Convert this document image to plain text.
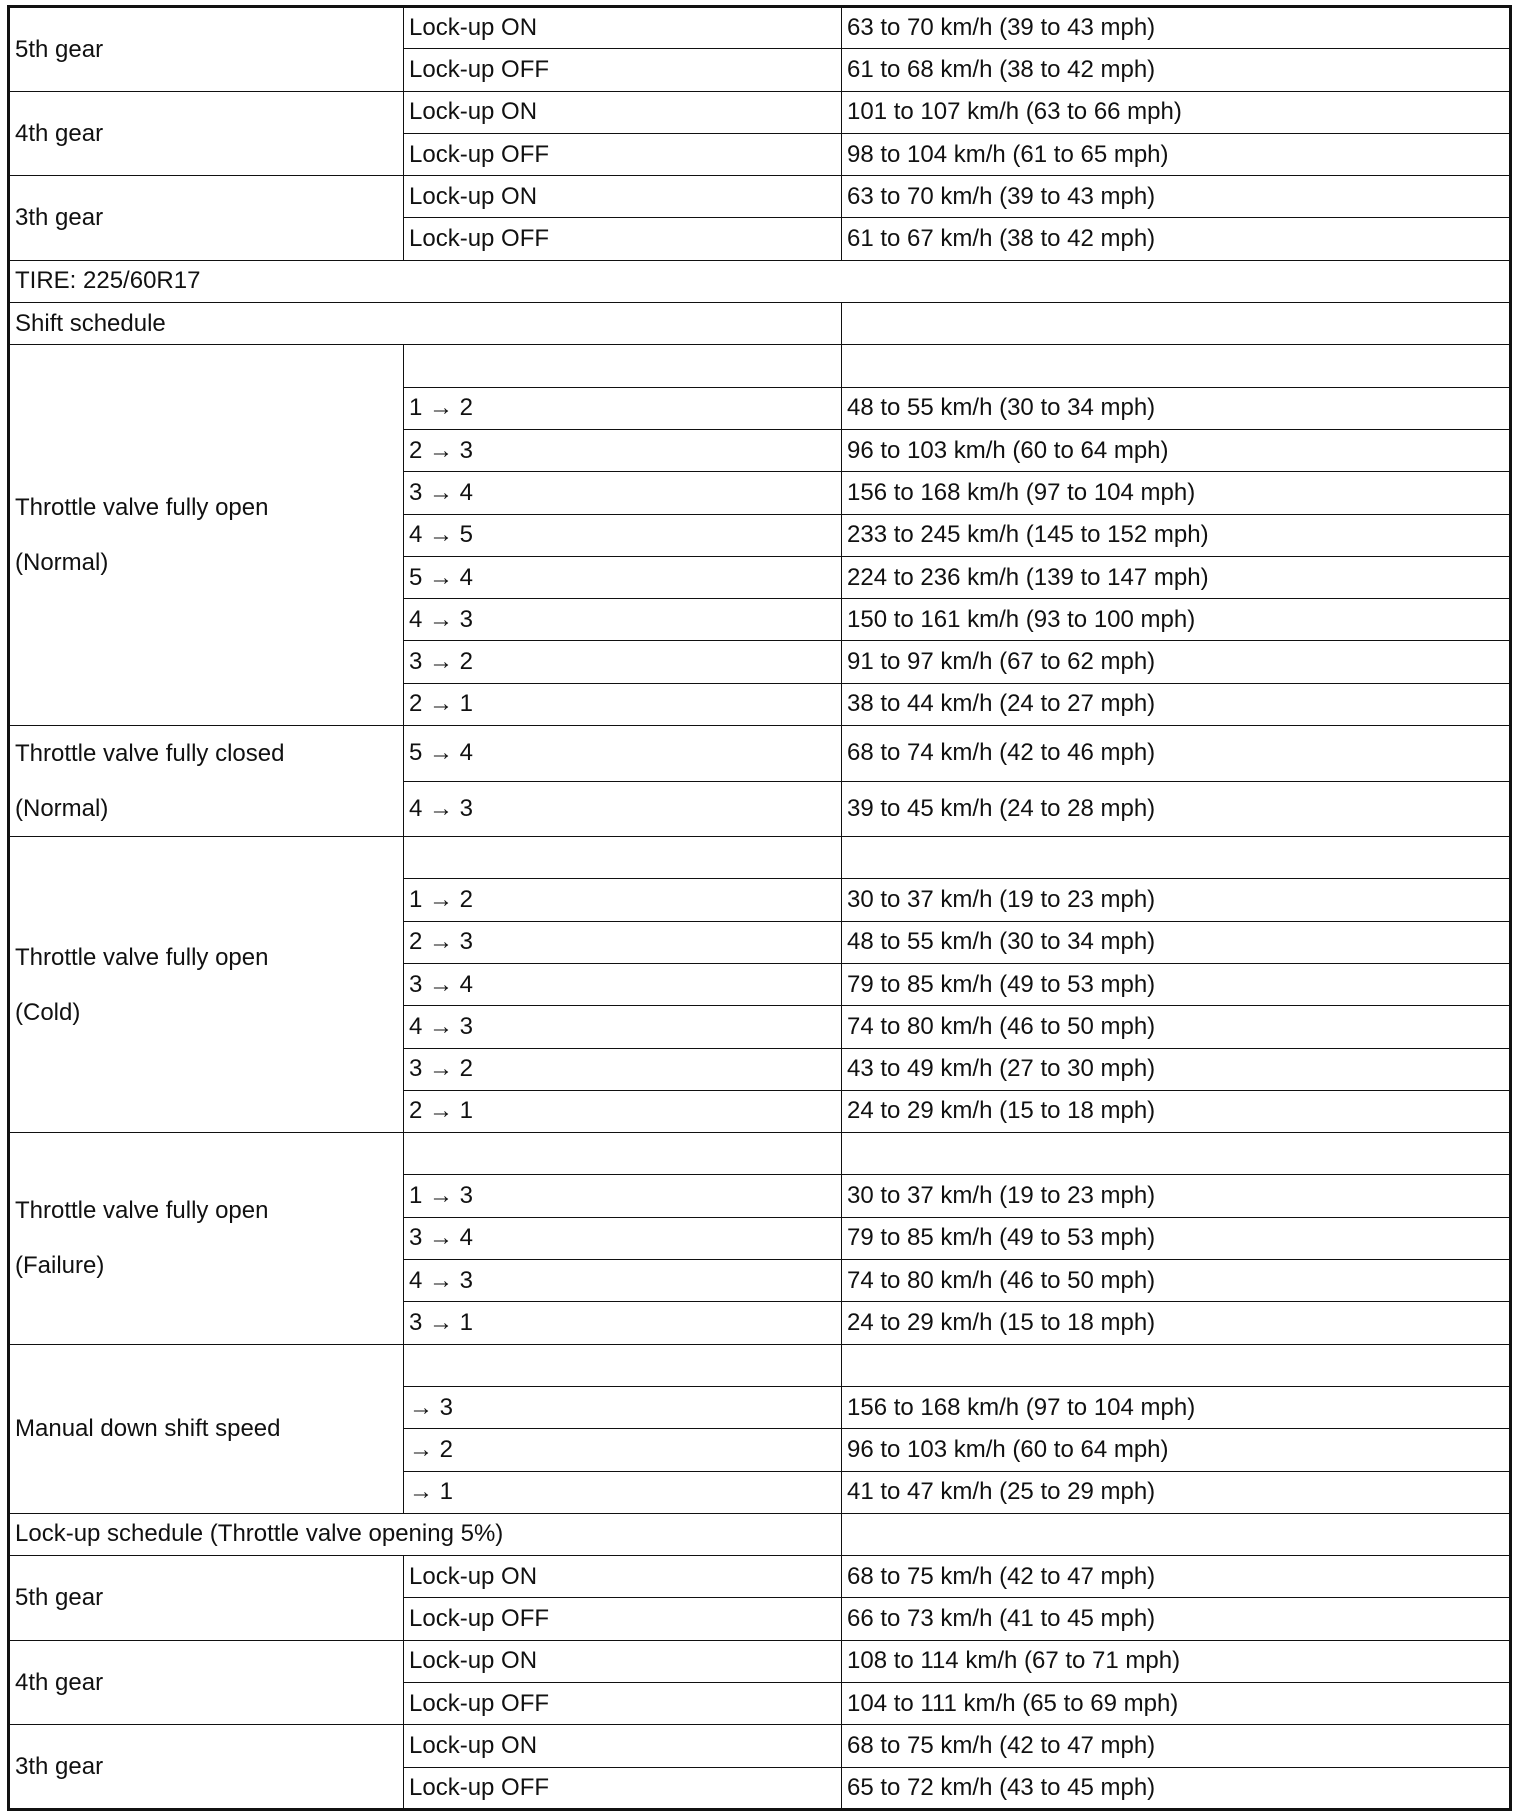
5th gear	Lock-up ON	63 to 70 km/h (39 to 43 mph)
	Lock-up OFF	61 to 68 km/h (38 to 42 mph)
4th gear	Lock-up ON	101 to 107 km/h (63 to 66 mph)
	Lock-up OFF	98 to 104 km/h (61 to 65 mph)
3th gear	Lock-up ON	63 to 70 km/h (39 to 43 mph)
	Lock-up OFF	61 to 67 km/h (38 to 42 mph)
TIRE: 225/60R17		
Shift schedule		
Throttle valve fully open
(Normal)		
	1 → 2	48 to 55 km/h (30 to 34 mph)
	2 → 3	96 to 103 km/h (60 to 64 mph)
	3 → 4	156 to 168 km/h (97 to 104 mph)
	4 → 5	233 to 245 km/h (145 to 152 mph)
	5 → 4	224 to 236 km/h (139 to 147 mph)
	4 → 3	150 to 161 km/h (93 to 100 mph)
	3 → 2	91 to 97 km/h (67 to 62 mph)
	2 → 1	38 to 44 km/h (24 to 27 mph)
Throttle valve fully closed
(Normal)	5 → 4	68 to 74 km/h (42 to 46 mph)
	4 → 3	39 to 45 km/h (24 to 28 mph)
Throttle valve fully open
(Cold)		
	1 → 2	30 to 37 km/h (19 to 23 mph)
	2 → 3	48 to 55 km/h (30 to 34 mph)
	3 → 4	79 to 85 km/h (49 to 53 mph)
	4 → 3	74 to 80 km/h (46 to 50 mph)
	3 → 2	43 to 49 km/h (27 to 30 mph)
	2 → 1	24 to 29 km/h (15 to 18 mph)
Throttle valve fully open
(Failure)		
	1 → 3	30 to 37 km/h (19 to 23 mph)
	3 → 4	79 to 85 km/h (49 to 53 mph)
	4 → 3	74 to 80 km/h (46 to 50 mph)
	3 → 1	24 to 29 km/h (15 to 18 mph)
Manual down shift speed		
	→ 3	156 to 168 km/h (97 to 104 mph)
	→ 2	96 to 103 km/h (60 to 64 mph)
	→ 1	41 to 47 km/h (25 to 29 mph)
Lock-up schedule (Throttle valve opening 5%)		
5th gear	Lock-up ON	68 to 75 km/h (42 to 47 mph)
	Lock-up OFF	66 to 73 km/h (41 to 45 mph)
4th gear	Lock-up ON	108 to 114 km/h (67 to 71 mph)
	Lock-up OFF	104 to 111 km/h (65 to 69 mph)
3th gear	Lock-up ON	68 to 75 km/h (42 to 47 mph)
	Lock-up OFF	65 to 72 km/h (43 to 45 mph)
